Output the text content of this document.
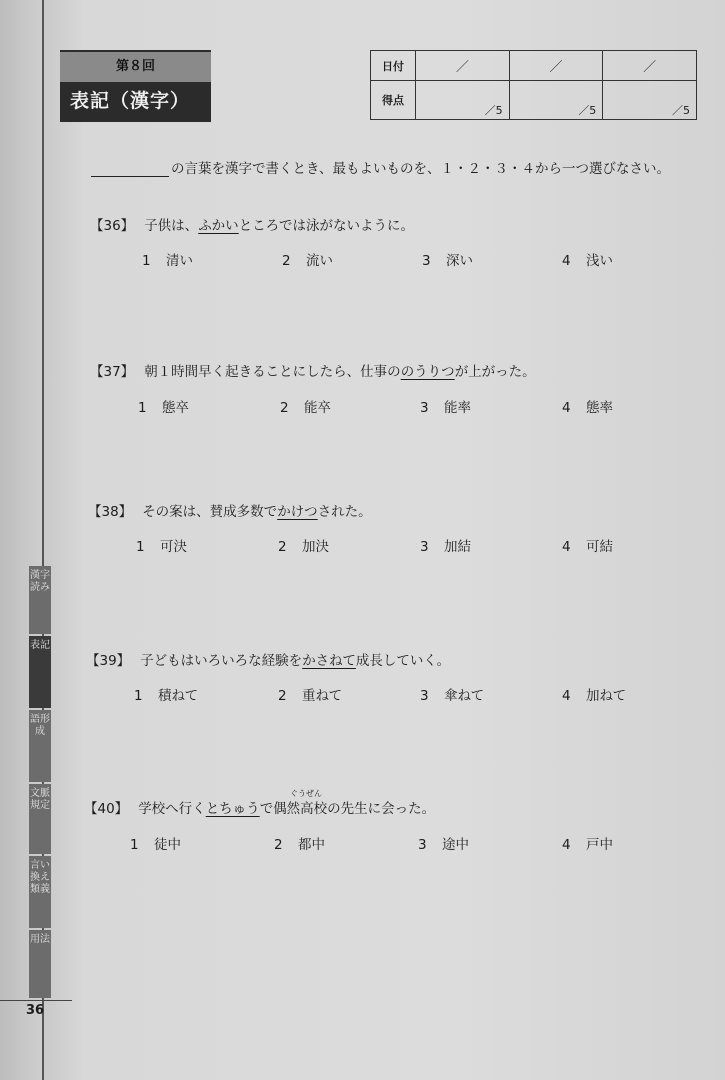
第８回
表記（漢字）
日付	／	／	／
得点	／5	／5	／5
の言葉を漢字で書くとき、最もよいものを、１・２・３・４から一つ選びなさい。
【36】 子供は、ふかいところでは泳がないように。
1 清い	2 流い	3 深い	4 浅い
【37】 朝１時間早く起きることにしたら、仕事ののうりつが上がった。
1 態卒	2 能卒	3 能率	4 態率
【38】 その案は、賛成多数でかけつされた。
1 可決	2 加決	3 加結	4 可結
【39】 子どもはいろいろな経験をかさねて成長していく。
1 積ねて	2 重ねて	3 傘ねて	4 加ねて
ぐうぜん
【40】 学校へ行くとちゅうで偶然高校の先生に会った。
1 徒中	2 都中	3 途中	4 戸中
漢字読み
表記
語形成
文脈規定
言い換え類義
用法
36
